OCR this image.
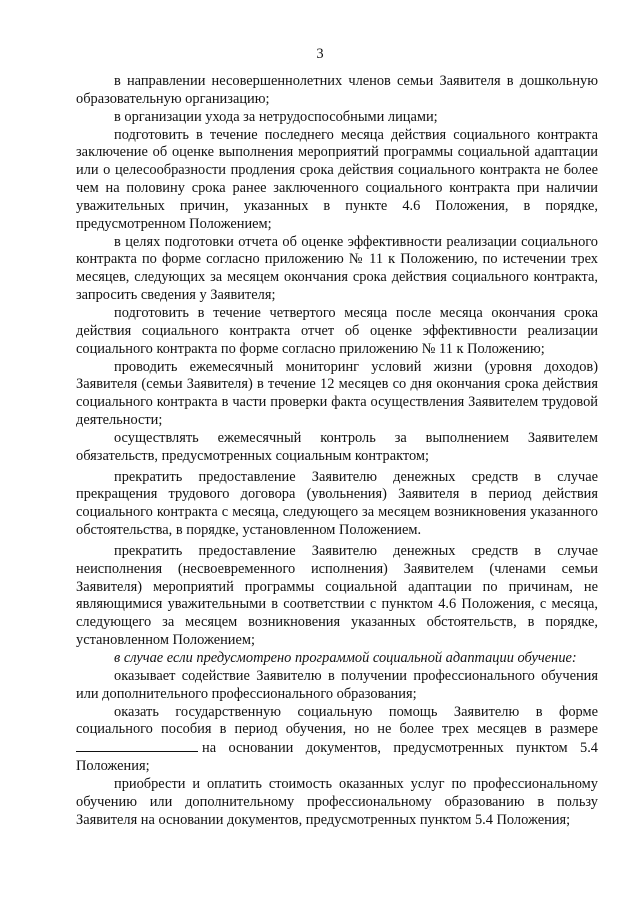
3

в направлении несовершеннолетних членов семьи Заявителя в дошкольную образовательную организацию;

в организации ухода за нетрудоспособными лицами;

подготовить в течение последнего месяца действия социального контракта заключение об оценке выполнения мероприятий программы социальной адаптации или о целесообразности продления срока действия социального контракта не более чем на половину срока ранее заключенного социального контракта при наличии уважительных причин, указанных в пункте 4.6 Положения, в порядке, предусмотренном Положением;

в целях подготовки отчета об оценке эффективности реализации социального контракта по форме согласно приложению № 11 к Положению, по истечении трех месяцев, следующих за месяцем окончания срока действия социального контракта, запросить сведения у Заявителя;

подготовить в течение четвертого месяца после месяца окончания срока действия социального контракта отчет об оценке эффективности реализации социального контракта по форме согласно приложению № 11 к Положению;

проводить ежемесячный мониторинг условий жизни (уровня доходов) Заявителя (семьи Заявителя) в течение 12 месяцев со дня окончания срока действия социального контракта в части проверки факта осуществления Заявителем трудовой деятельности;

осуществлять ежемесячный контроль за выполнением Заявителем обязательств, предусмотренных социальным контрактом;

прекратить предоставление Заявителю денежных средств в случае прекращения трудового договора (увольнения) Заявителя в период действия социального контракта с месяца, следующего за месяцем возникновения указанного обстоятельства, в порядке, установленном Положением.

прекратить предоставление Заявителю денежных средств в случае неисполнения (несвоевременного исполнения) Заявителем (членами семьи Заявителя) мероприятий программы социальной адаптации по причинам, не являющимися уважительными в соответствии с пунктом 4.6 Положения, с месяца, следующего за месяцем возникновения указанных обстоятельств, в порядке, установленном Положением;

в случае если предусмотрено программой социальной адаптации обучение:

оказывает содействие Заявителю в получении профессионального обучения или дополнительного профессионального образования;

оказать государственную социальную помощь Заявителю в форме социального пособия в период обучения, но не более трех месяцев в размере на основании документов, предусмотренных пунктом 5.4 Положения;

приобрести и оплатить стоимость оказанных услуг по профессиональному обучению или дополнительному профессиональному образованию в пользу Заявителя на основании документов, предусмотренных пунктом 5.4 Положения;
